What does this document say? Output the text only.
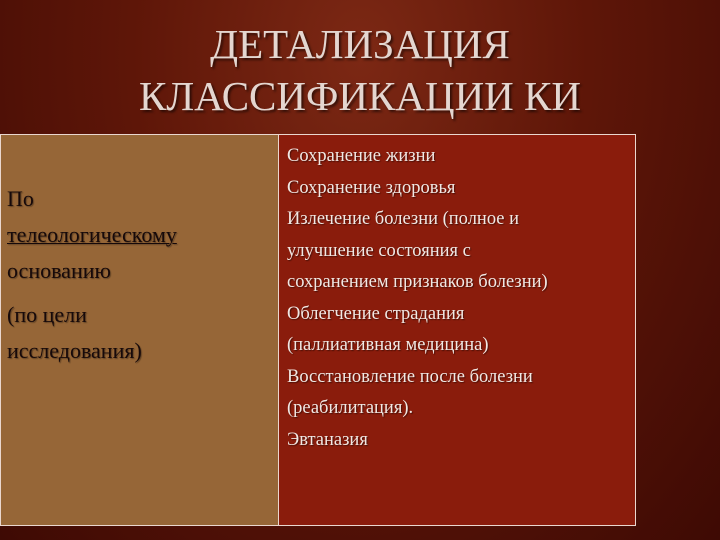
ДЕТАЛИЗАЦИЯ
КЛАССИФИКАЦИИ КИ
По
телеологическому
основанию
(по цели
исследования)
Сохранение жизни
Сохранение здоровья
Излечение болезни (полное и
улучшение состояния с
сохранением признаков болезни)
Облегчение страдания
(паллиативная медицина)
Восстановление после болезни
(реабилитация).
Эвтаназия
